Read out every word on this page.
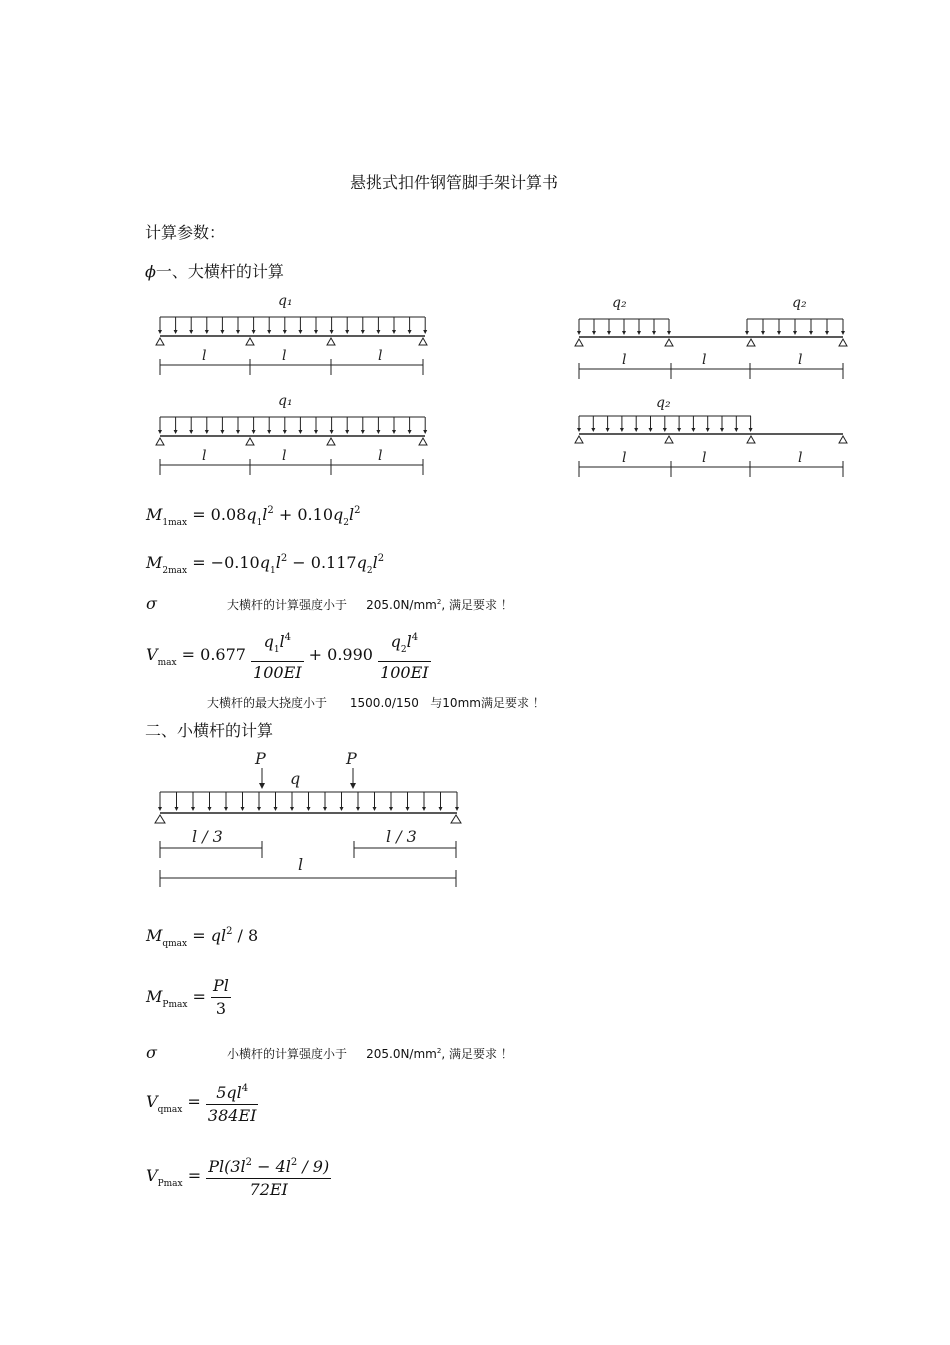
悬挑式扣件钢管脚手架计算书
计算参数：
ϕ一、大横杆的计算
q₁
l	l	l
q₁
l	l	l
q₂	q₂
l	l	l
q₂
l	l	l
$M_{1max} = 0.08q_1l^2 + 0.10q_2l^2$
$M_{2max} = -0.10q_1l^2 - 0.117q_2l^2$
σ	大横杆的计算强度小于 $205.0N/mm^2$, 满足要求 ！
$V_{max} = 0.677 \frac{q_1l^4}{100EI} + 0.990 \frac{q_2l^4}{100EI}$
大横杆的最大挠度小于 1500.0/150 与10mm满足要求 ！
二、小横杆的计算
P	P
q
l / 3	l / 3
l
$M_{qmax} = ql^2 / 8$
$M_{Pmax} = \frac{Pl}{3}$
σ	小横杆的计算强度小于 $205.0N/mm^2$, 满足要求 ！
$V_{qmax} = \frac{5ql^4}{384EI}$
$V_{Pmax} = \frac{Pl(3l^2 - 4l^2 / 9)}{72EI}$
